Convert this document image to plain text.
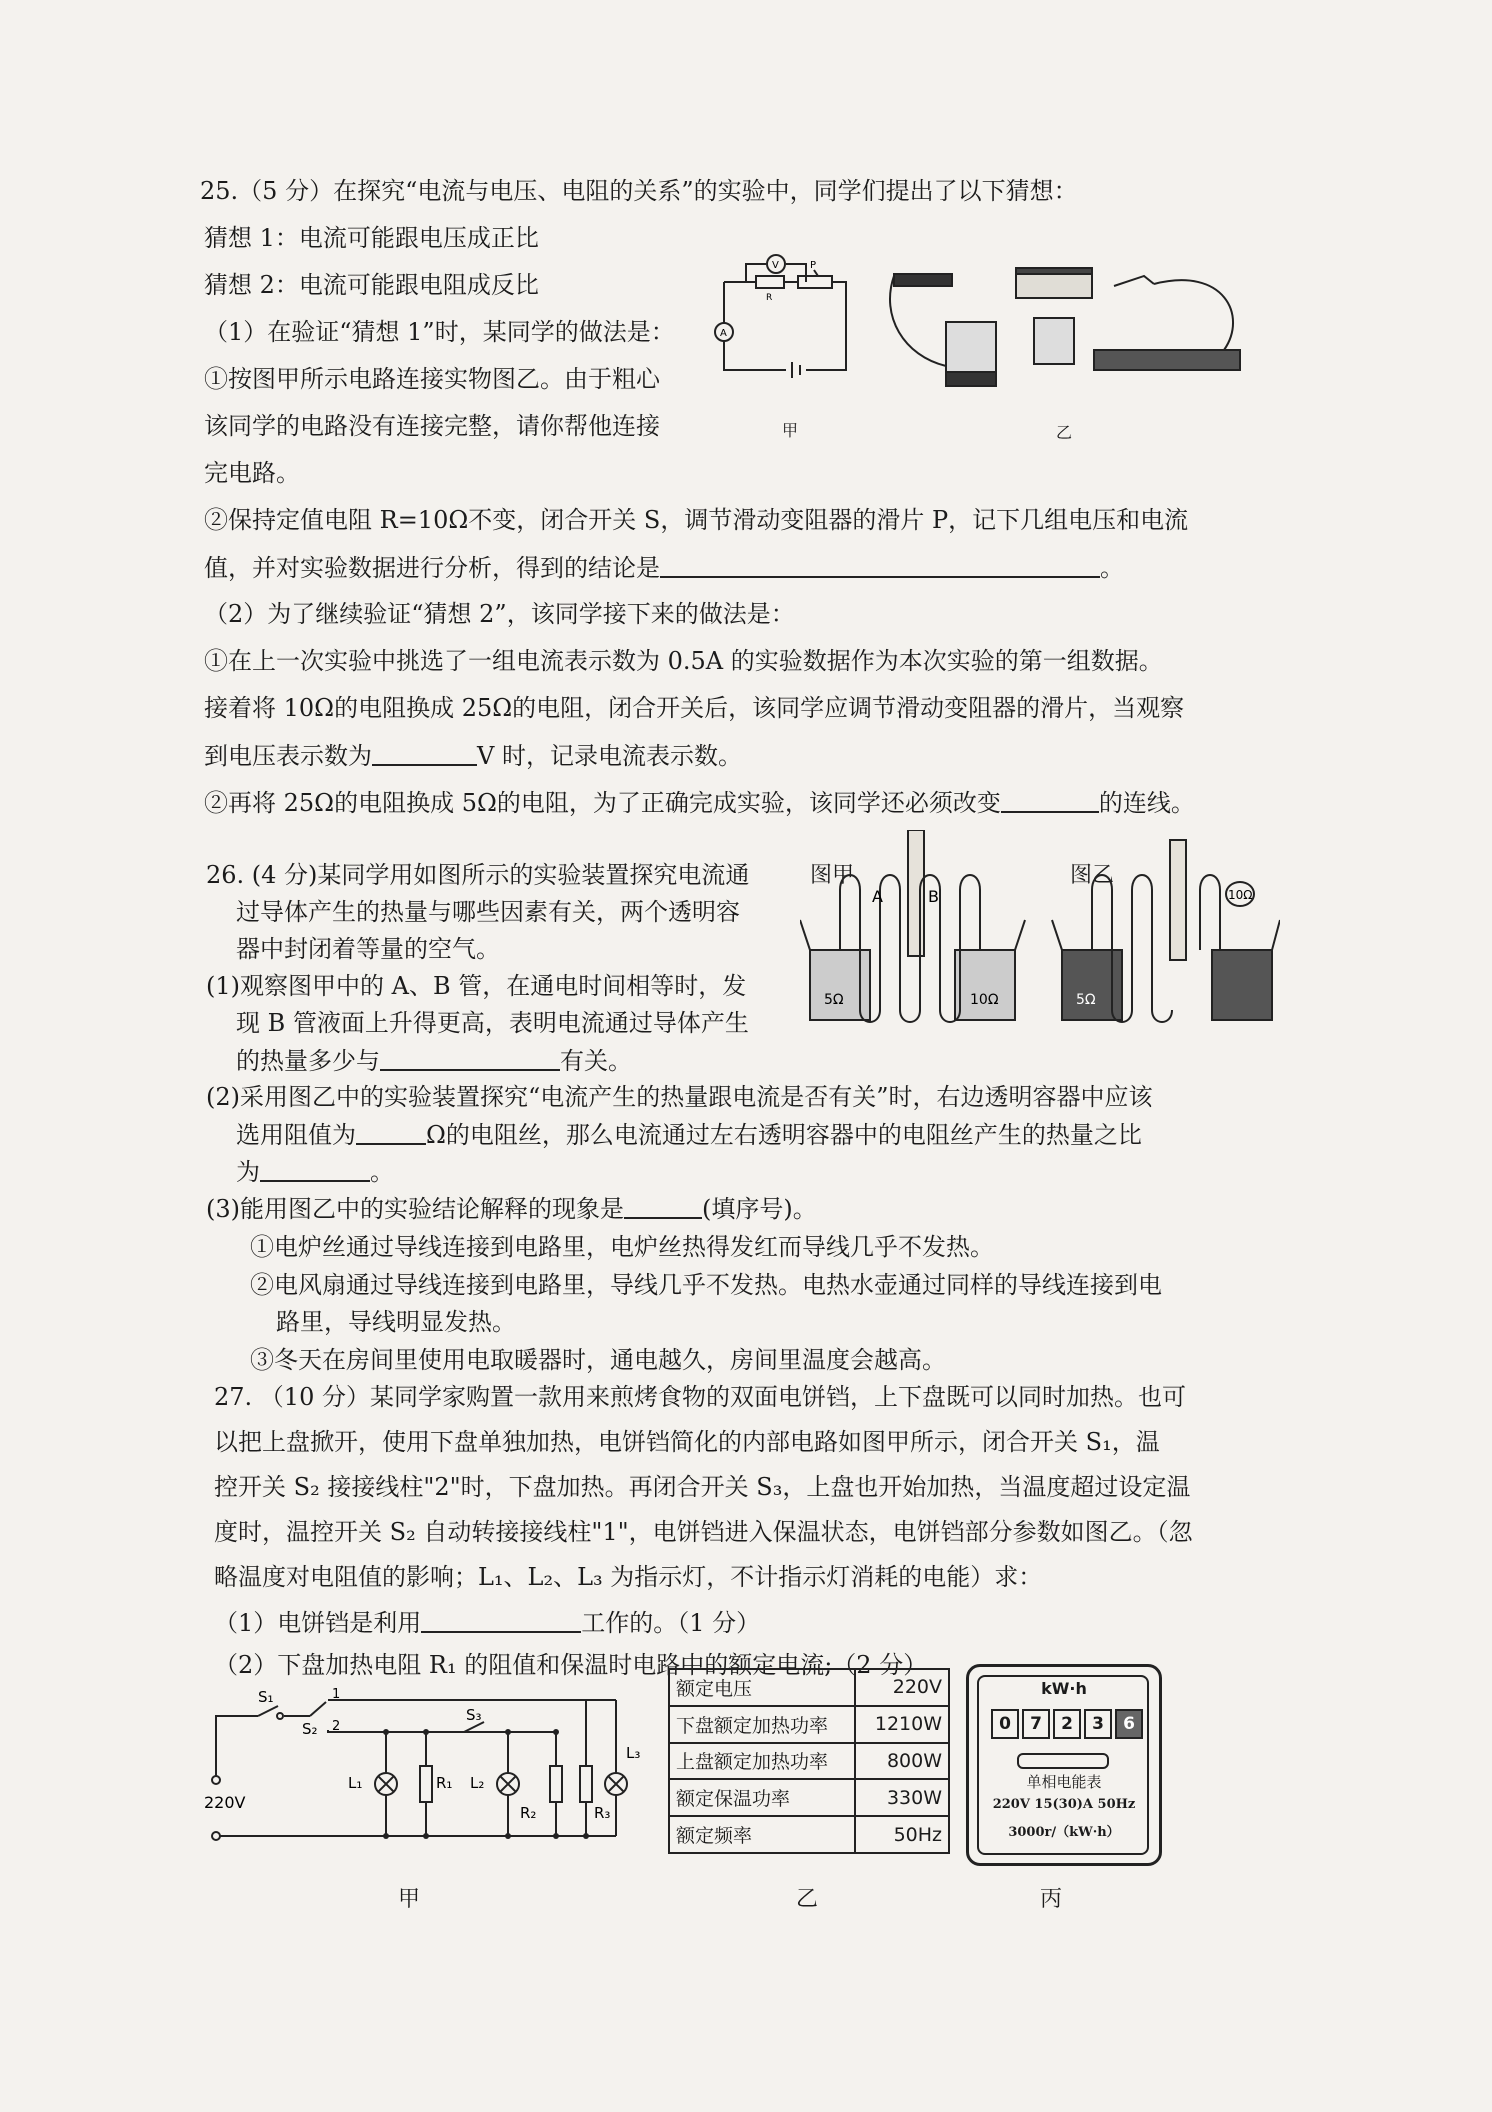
25.（5 分）在探究“电流与电压、电阻的关系”的实验中，同学们提出了以下猜想：
猜想 1：电流可能跟电压成正比
猜想 2：电流可能跟电阻成反比
（1）在验证“猜想 1”时，某同学的做法是：
①按图甲所示电路连接实物图乙。由于粗心
该同学的电路没有连接完整，请你帮他连接
完电路。
②保持定值电阻 R=10Ω不变，闭合开关 S，调节滑动变阻器的滑片 P，记下几组电压和电流
值，并对实验数据进行分析，得到的结论是	。
（2）为了继续验证“猜想 2”，该同学接下来的做法是：
①在上一次实验中挑选了一组电流表示数为 0.5A 的实验数据作为本次实验的第一组数据。
接着将 10Ω的电阻换成 25Ω的电阻，闭合开关后，该同学应调节滑动变阻器的滑片，当观察
到电压表示数为	V 时，记录电流表示数。
②再将 25Ω的电阻换成 5Ω的电阻，为了正确完成实验，该同学还必须改变	的连线。
V
A
P
R
甲	乙
26. (4 分)某同学用如图所示的实验装置探究电流通
过导体产生的热量与哪些因素有关，两个透明容
器中封闭着等量的空气。
(1)观察图甲中的 A、B 管，在通电时间相等时，发
现 B 管液面上升得更高，表明电流通过导体产生
的热量多少与	有关。
(2)采用图乙中的实验装置探究“电流产生的热量跟电流是否有关”时，右边透明容器中应该
选用阻值为	Ω的电阻丝，那么电流通过左右透明容器中的电阻丝产生的热量之比
为	。
(3)能用图乙中的实验结论解释的现象是	(填序号)。
①电炉丝通过导线连接到电路里，电炉丝热得发红而导线几乎不发热。
②电风扇通过导线连接到电路里，导线几乎不发热。电热水壶通过同样的导线连接到电
路里，导线明显发热。
③冬天在房间里使用电取暖器时，通电越久，房间里温度会越高。
图甲	图乙
A	B
5Ω	10Ω	5Ω
10Ω
27. （10 分）某同学家购置一款用来煎烤食物的双面电饼铛，上下盘既可以同时加热。也可
以把上盘掀开，使用下盘单独加热，电饼铛简化的内部电路如图甲所示，闭合开关 S₁，温
控开关 S₂ 接接线柱"2"时，下盘加热。再闭合开关 S₃，上盘也开始加热，当温度超过设定温
度时，温控开关 S₂ 自动转接接线柱"1"，电饼铛进入保温状态，电饼铛部分参数如图乙。（忽
略温度对电阻值的影响；L₁、L₂、L₃ 为指示灯，不计指示灯消耗的电能）求：
（1）电饼铛是利用	工作的。（1 分）
（2）下盘加热电阻 R₁ 的阻值和保温时电路中的额定电流;（2 分）
S₁
S₂
1
2
S₃
220V
L₁	R₁ L₂
R₂	R₃
L₃
额定电压	220V
下盘额定加热功率	1210W
上盘额定加热功率	800W
额定保温功率	330W
额定频率	50Hz
kW·h
0	7	2	3	6
单相电能表
220V 15(30)A 50Hz
3000r/（kW·h）
甲	乙	丙
